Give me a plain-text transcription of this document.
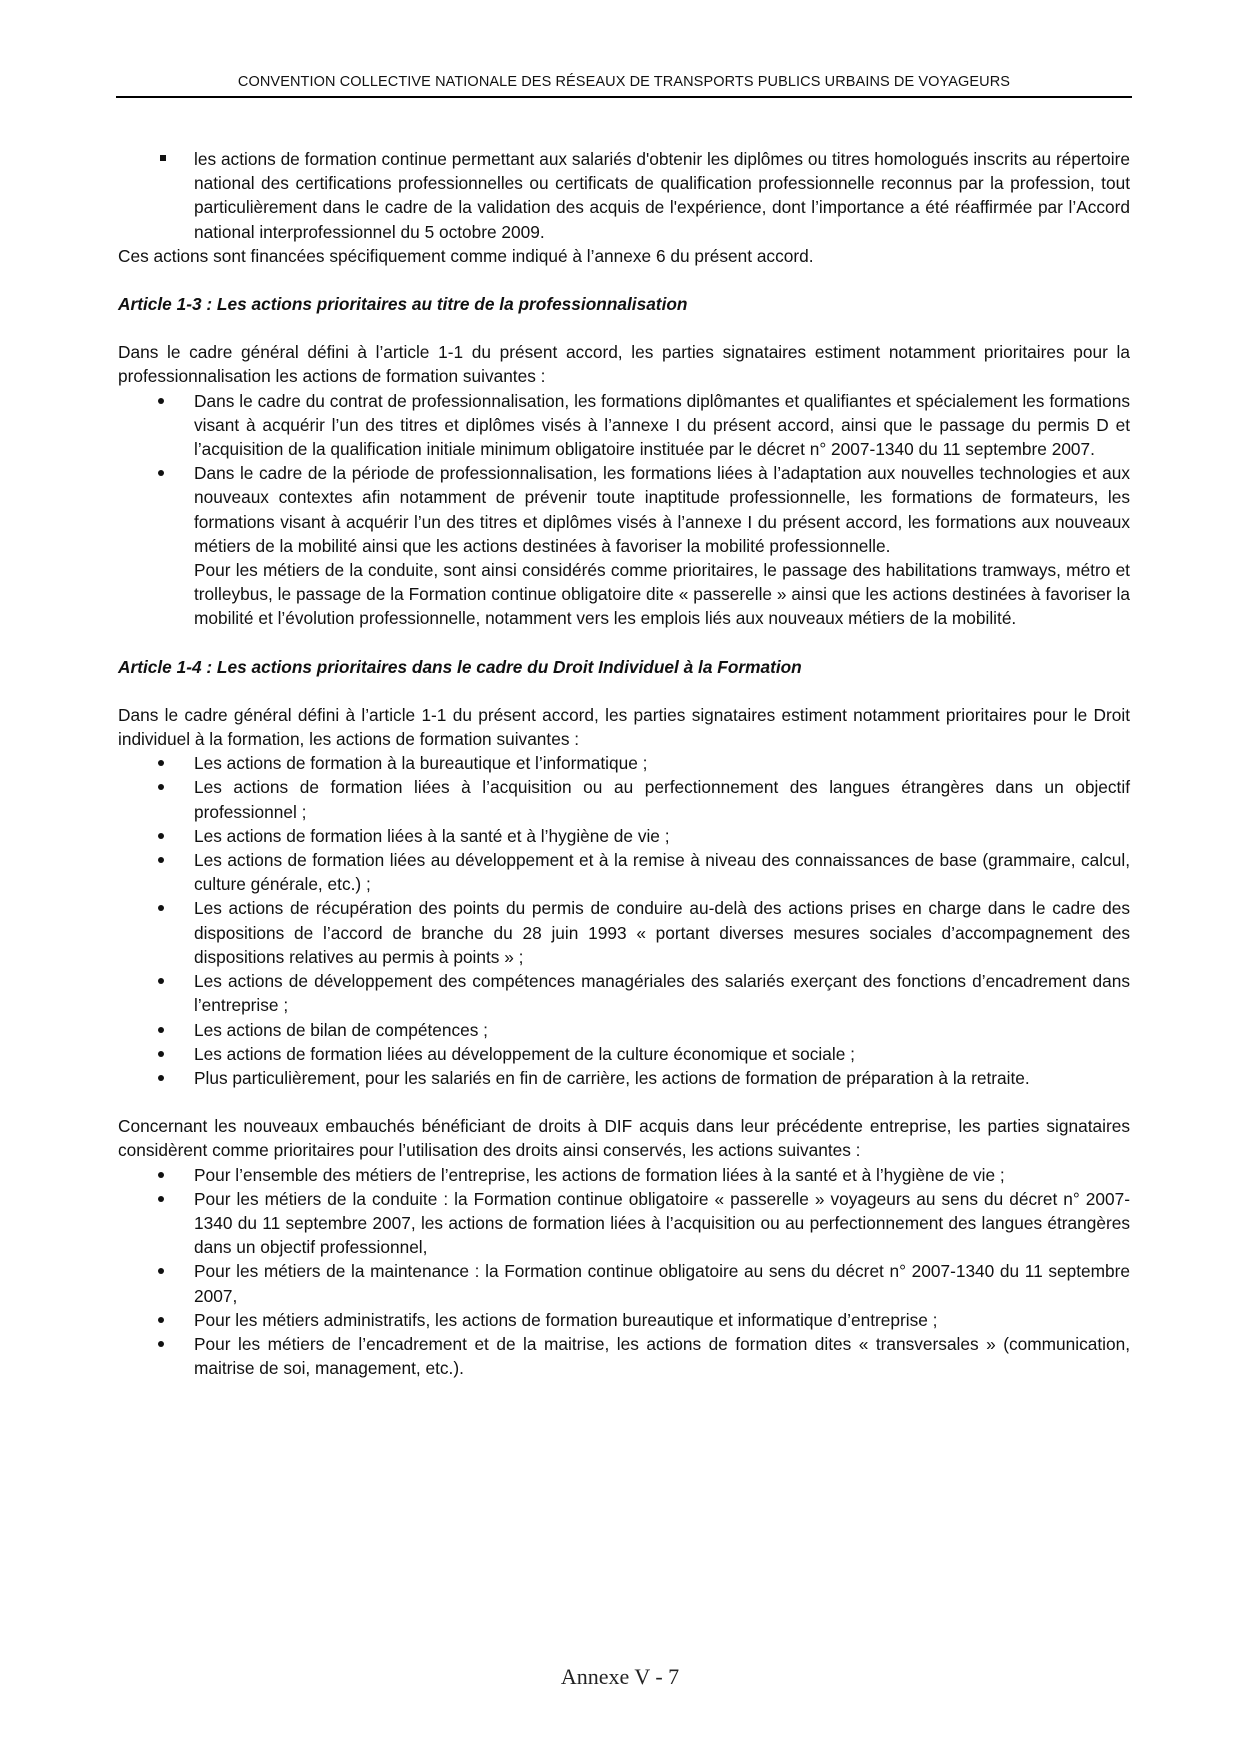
CONVENTION COLLECTIVE NATIONALE DES RÉSEAUX DE TRANSPORTS PUBLICS URBAINS DE VOYAGEURS
les actions de formation continue permettant aux salariés d'obtenir les diplômes ou titres homologués inscrits au répertoire national des certifications professionnelles ou certificats de qualification professionnelle reconnus par la profession, tout particulièrement dans le cadre de la validation des acquis de l'expérience, dont l’importance a été réaffirmée par l’Accord national interprofessionnel du 5 octobre 2009.

Ces actions sont financées spécifiquement comme indiqué à l’annexe 6 du présent accord.

Article 1-3 : Les actions prioritaires au titre de la professionnalisation

Dans le cadre général défini à l’article 1-1 du présent accord, les parties signataires estiment notamment prioritaires pour la professionnalisation les actions de formation suivantes :

Dans le cadre du contrat de professionnalisation, les formations diplômantes et qualifiantes et spécialement les formations visant à acquérir l’un des titres et diplômes visés à l’annexe I du présent accord, ainsi que le passage du permis D et l’acquisition de la qualification initiale minimum obligatoire instituée par le décret n° 2007-1340 du 11 septembre 2007.
Dans le cadre de la période de professionnalisation, les formations liées à l’adaptation aux nouvelles technologies et aux nouveaux contextes afin notamment de prévenir toute inaptitude professionnelle, les formations de formateurs, les formations visant à acquérir l’un des titres et diplômes visés à l’annexe I du présent accord, les formations aux nouveaux métiers de la mobilité ainsi que les actions destinées à favoriser la mobilité professionnelle.

Pour les métiers de la conduite, sont ainsi considérés comme prioritaires, le passage des habilitations tramways, métro et trolleybus, le passage de la Formation continue obligatoire dite « passerelle » ainsi que les actions destinées à favoriser la mobilité et l’évolution professionnelle, notamment vers les emplois liés aux nouveaux métiers de la mobilité.

Article 1-4 : Les actions prioritaires dans le cadre du Droit Individuel à la Formation

Dans le cadre général défini à l’article 1-1 du présent accord, les parties signataires estiment notamment prioritaires pour le Droit individuel à la formation, les actions de formation suivantes :

Les actions de formation à la bureautique et l’informatique ;
Les actions de formation liées à l’acquisition ou au perfectionnement des langues étrangères dans un objectif professionnel ;
Les actions de formation liées à la santé et à l’hygiène de vie ;
Les actions de formation liées au développement et à la remise à niveau des connaissances de base (grammaire, calcul, culture générale, etc.) ;
Les actions de récupération des points du permis de conduire au-delà des actions prises en charge dans le cadre des dispositions de l’accord de branche du 28 juin 1993 « portant diverses mesures sociales d’accompagnement des dispositions relatives au permis à points » ;
Les actions de développement des compétences managériales des salariés exerçant des fonctions d’encadrement dans l’entreprise ;
Les actions de bilan de compétences ;
Les actions de formation liées au développement de la culture économique et sociale ;
Plus particulièrement, pour les salariés en fin de carrière, les actions de formation de préparation à la retraite.

Concernant les nouveaux embauchés bénéficiant de droits à DIF acquis dans leur précédente entreprise, les parties signataires considèrent comme prioritaires pour l’utilisation des droits ainsi conservés, les actions suivantes :

Pour l’ensemble des métiers de l’entreprise, les actions de formation liées à la santé et à l’hygiène de vie ;
Pour les métiers de la conduite : la Formation continue obligatoire « passerelle » voyageurs au sens du décret n° 2007-1340 du 11 septembre 2007, les actions de formation liées à l’acquisition ou au perfectionnement des langues étrangères dans un objectif professionnel,
Pour les métiers de la maintenance : la Formation continue obligatoire au sens du décret n° 2007-1340 du 11 septembre 2007,
Pour les métiers administratifs, les actions de formation bureautique et informatique d’entreprise ;
Pour les métiers de l’encadrement et de la maitrise, les actions de formation dites « transversales » (communication, maitrise de soi, management, etc.).
Annexe V - 7
